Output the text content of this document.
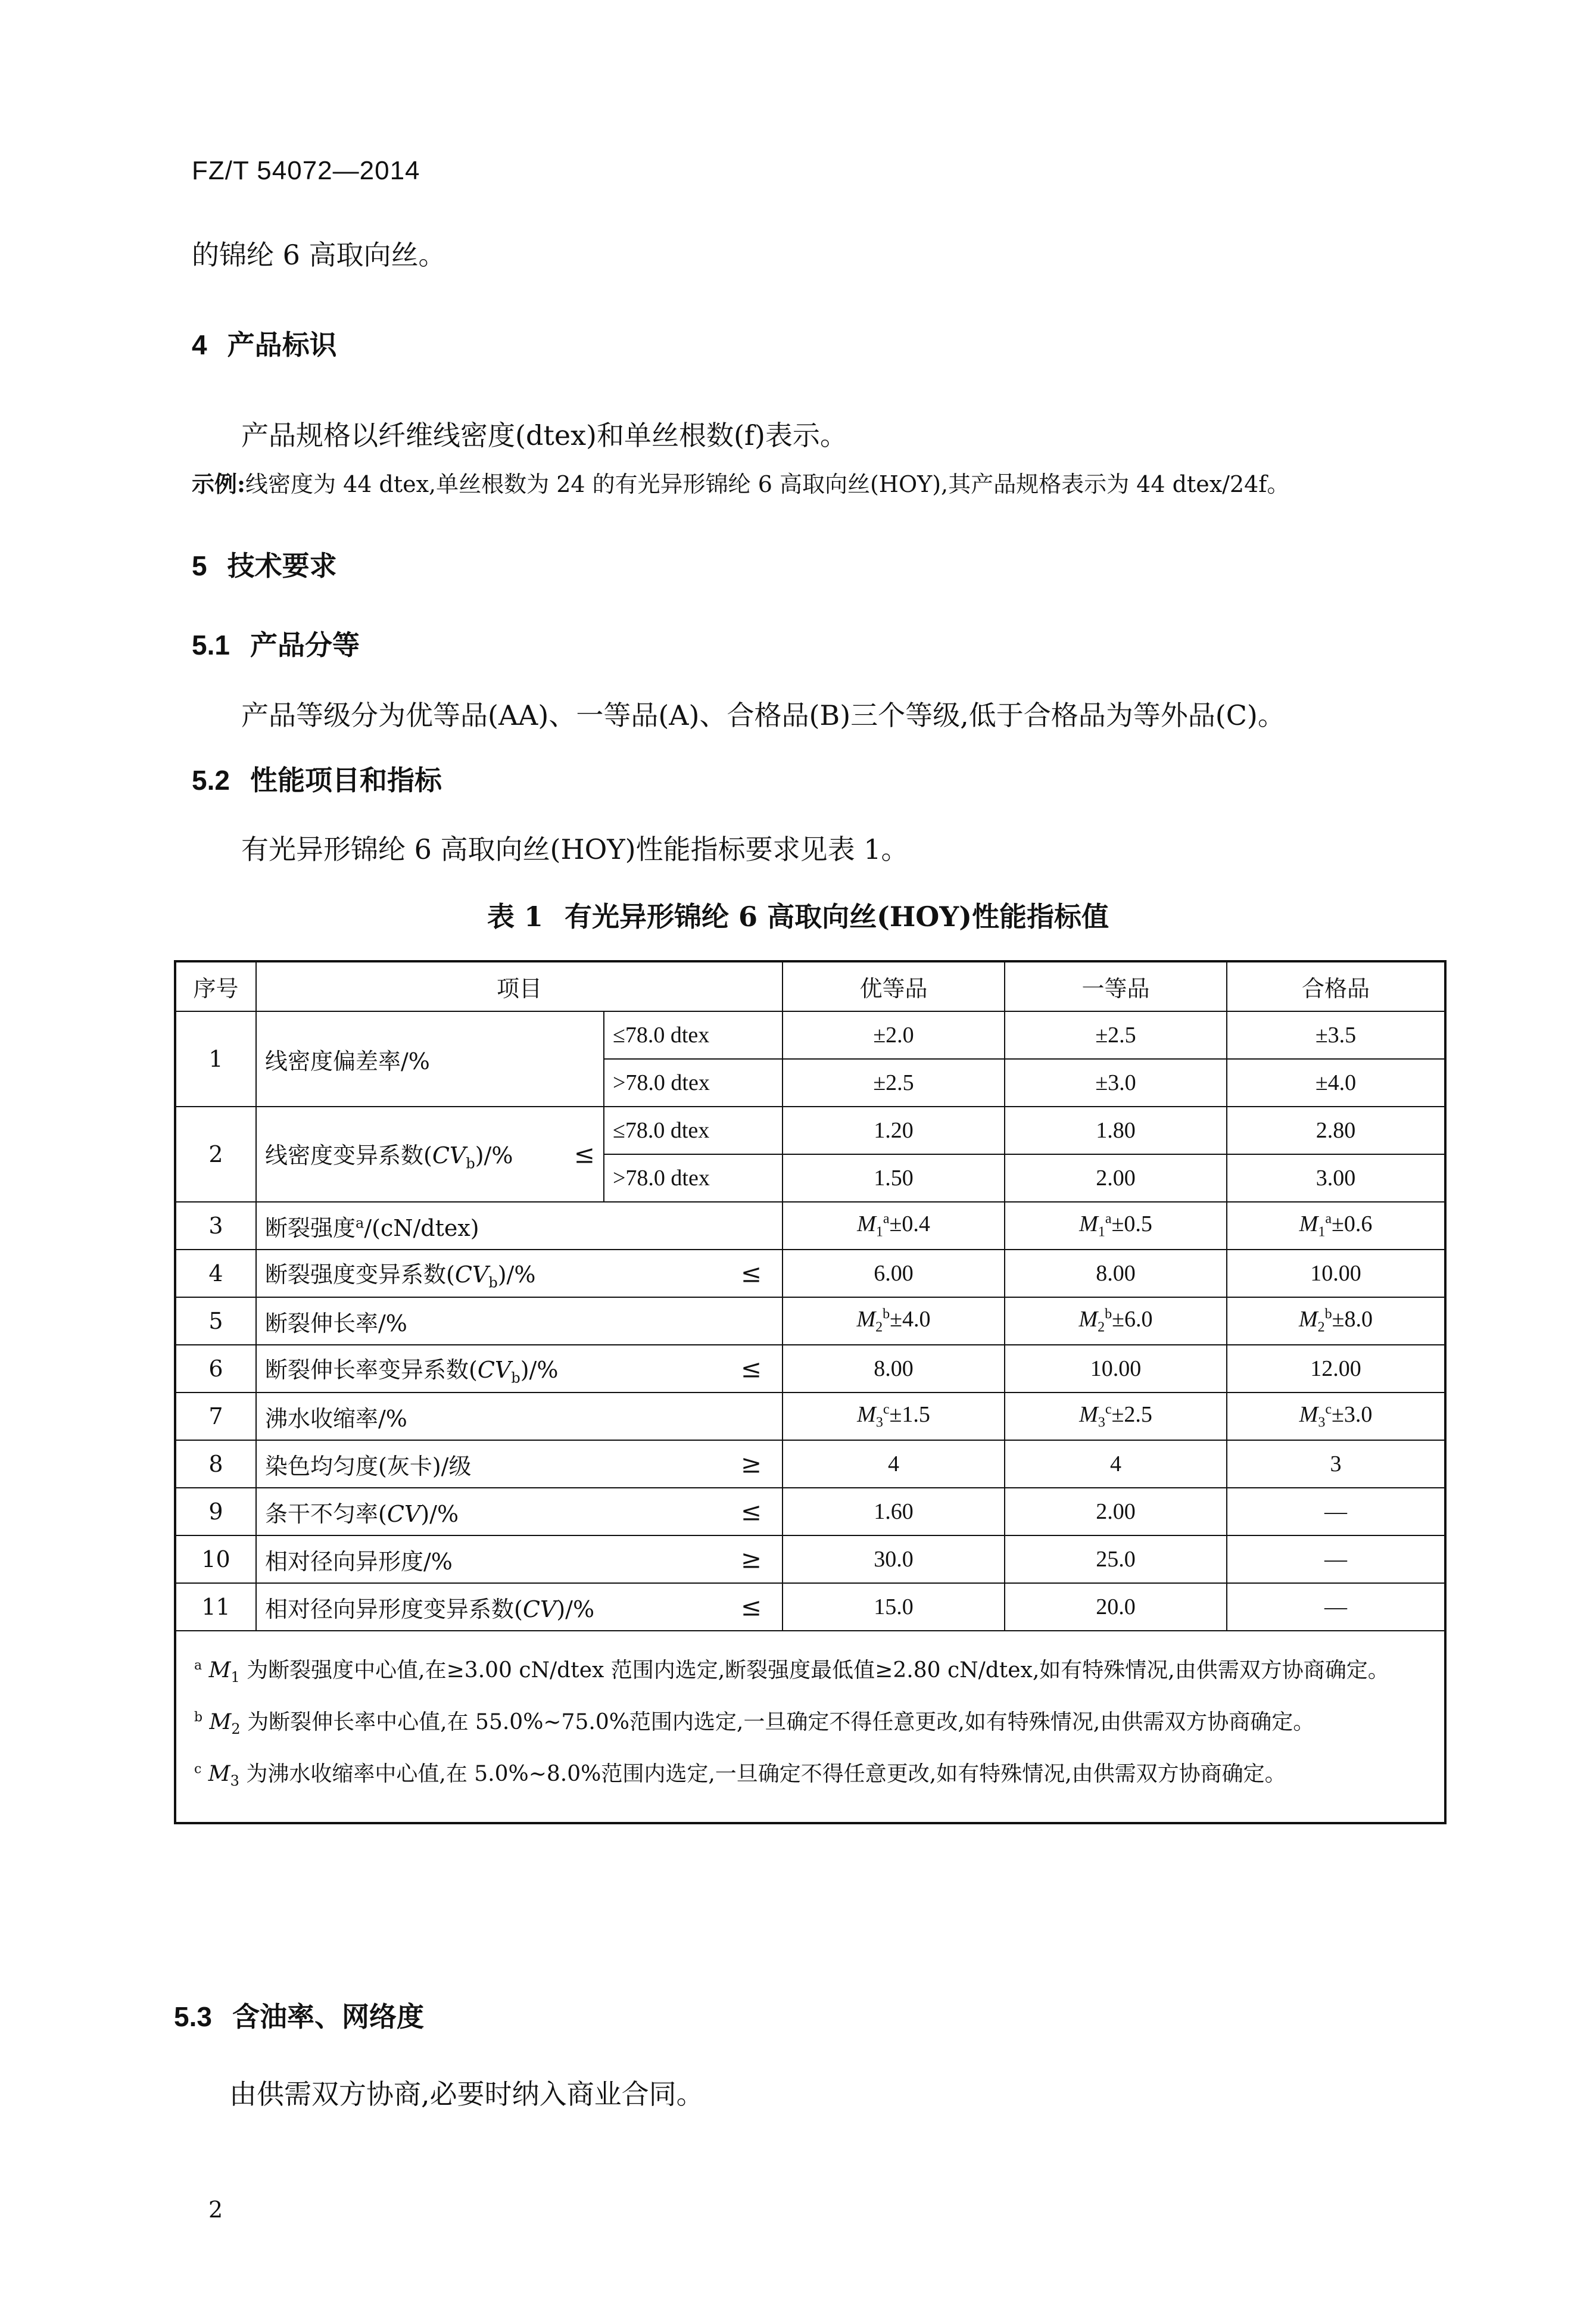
FZ/T 54072—2014
的锦纶 6 高取向丝。
4 产品标识
产品规格以纤维线密度(dtex)和单丝根数(f)表示。
示例:线密度为 44 dtex,单丝根数为 24 的有光异形锦纶 6 高取向丝(HOY),其产品规格表示为 44 dtex/24f。
5 技术要求
5.1 产品分等
产品等级分为优等品(AA)、一等品(A)、合格品(B)三个等级,低于合格品为等外品(C)。
5.2 性能项目和指标
有光异形锦纶 6 高取向丝(HOY)性能指标要求见表 1。
表 1 有光异形锦纶 6 高取向丝(HOY)性能指标值
序号	项目		优等品	一等品	合格品
1	线密度偏差率/%	≤78.0 dtex	±2.0	±2.5	±3.5
		>78.0 dtex	±2.5	±3.0	±4.0
2	线密度变异系数$(CV_b)/\%$ ≤	≤78.0 dtex	1.20	1.80	2.80
		>78.0 dtex	1.50	2.00	3.00
3	断裂强度$^a$/(cN/dtex)		$M_1^a\pm 0.4$	$M_1^a\pm 0.5$	$M_1^a\pm 0.6$
4	断裂强度变异系数$(CV_b)/\%$ ≤		6.00	8.00	10.00
5	断裂伸长率/%		$M_2^b\pm 4.0$	$M_2^b\pm 6.0$	$M_2^b\pm 8.0$
6	断裂伸长率变异系数$(CV_b)/\%$ ≤		8.00	10.00	12.00
7	沸水收缩率/%		$M_3^c\pm 1.5$	$M_3^c\pm 2.5$	$M_3^c\pm 3.0$
8	染色均匀度(灰卡)/级 ≥		4	4	3
9	条干不匀率(CV)/% ≤		1.60	2.00	—
10	相对径向异形度/% ≥		30.0	25.0	—
11	相对径向异形度变异系数(CV)/% ≤		15.0	20.0	—

$^a$ $M_1$ 为断裂强度中心值,在≥3.00 cN/dtex 范围内选定,断裂强度最低值≥2.80 cN/dtex,如有特殊情况,由供需双方协商确定。
$^b$ $M_2$ 为断裂伸长率中心值,在 55.0%~75.0%范围内选定,一旦确定不得任意更改,如有特殊情况,由供需双方协商确定。
$^c$ $M_3$ 为沸水收缩率中心值,在 5.0%~8.0%范围内选定,一旦确定不得任意更改,如有特殊情况,由供需双方协商确定。					
5.3 含油率、网络度
由供需双方协商,必要时纳入商业合同。
2
